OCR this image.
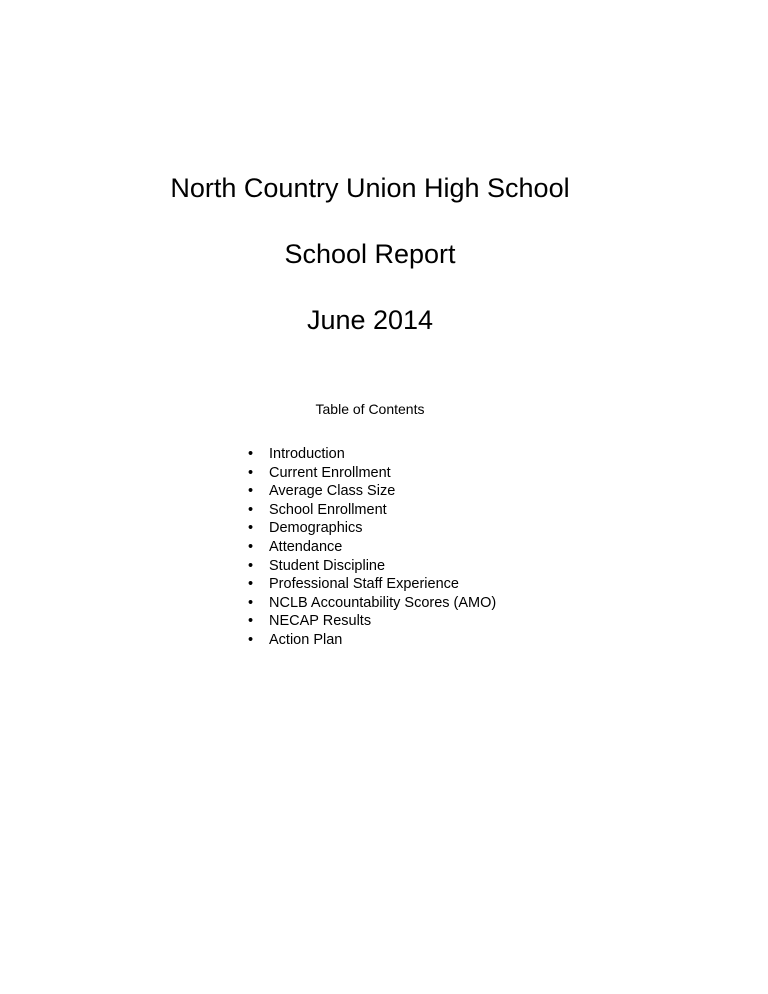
North Country Union High School
School Report
June 2014
Table of Contents
• Introduction
• Current Enrollment
• Average Class Size
• School Enrollment
• Demographics
• Attendance
• Student Discipline
• Professional Staff Experience
• NCLB Accountability Scores (AMO)
• NECAP Results
• Action Plan
